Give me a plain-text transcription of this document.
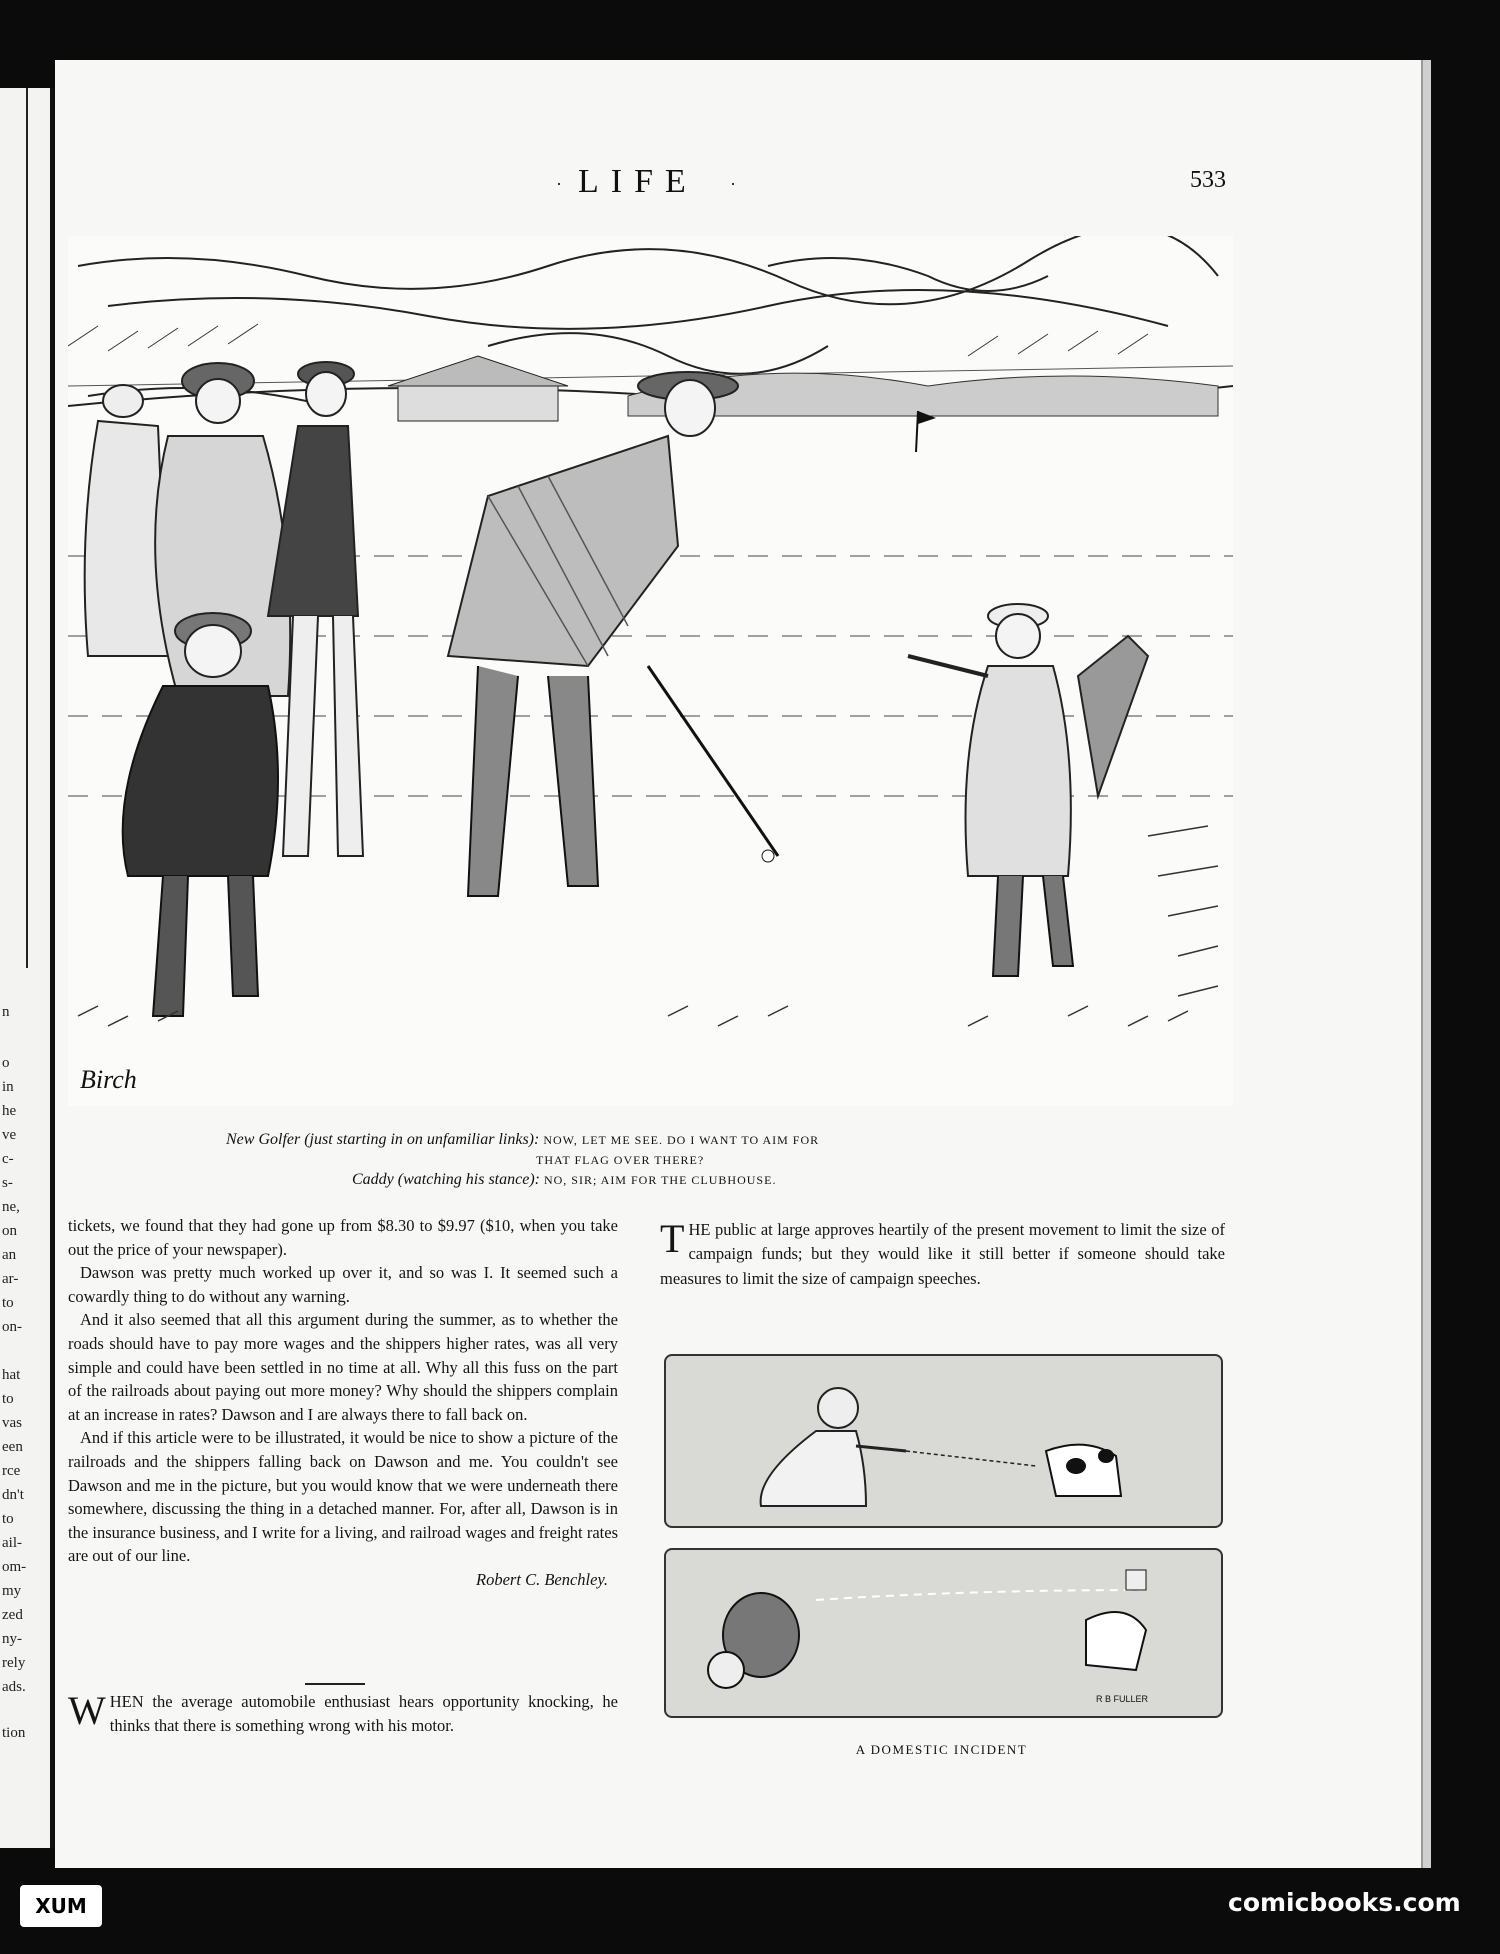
n
o
in
he
ve
c-
s-
ne,
on
an
ar-
to
on-
hat
to
vas
een
rce
dn't
to
ail-
om-
my
zed
ny-
rely
ads.
tion
· LIFE ·	533
Birch
New Golfer (just starting in on unfamiliar links): NOW, LET ME SEE. DO I WANT TO AIM FOR
THAT FLAG OVER THERE?
Caddy (watching his stance): NO, SIR; AIM FOR THE CLUBHOUSE.

tickets, we found that they had gone up from $8.30 to $9.97 ($10, when you take out the price of your newspaper).

Dawson was pretty much worked up over it, and so was I. It seemed such a cowardly thing to do without any warning.

And it also seemed that all this argument during the summer, as to whether the roads should have to pay more wages and the shippers higher rates, was all very simple and could have been settled in no time at all. Why all this fuss on the part of the railroads about paying out more money? Why should the shippers complain at an increase in rates? Dawson and I are always there to fall back on.

And if this article were to be illustrated, it would be nice to show a picture of the railroads and the shippers falling back on Dawson and me. You couldn't see Dawson and me in the picture, but you would know that we were underneath there somewhere, discussing the thing in a detached manner. For, after all, Dawson is in the insurance business, and I write for a living, and railroad wages and freight rates are out of our line.

Robert C. Benchley.

W HEN the average automobile enthusiast hears opportunity knocking, he thinks that there is something wrong with his motor.

T HE public at large approves heartily of the present movement to limit the size of campaign funds; but they would like it still better if someone should take measures to limit the size of campaign speeches.

R B FULLER
A DOMESTIC INCIDENT
XUM	comicbooks.com
